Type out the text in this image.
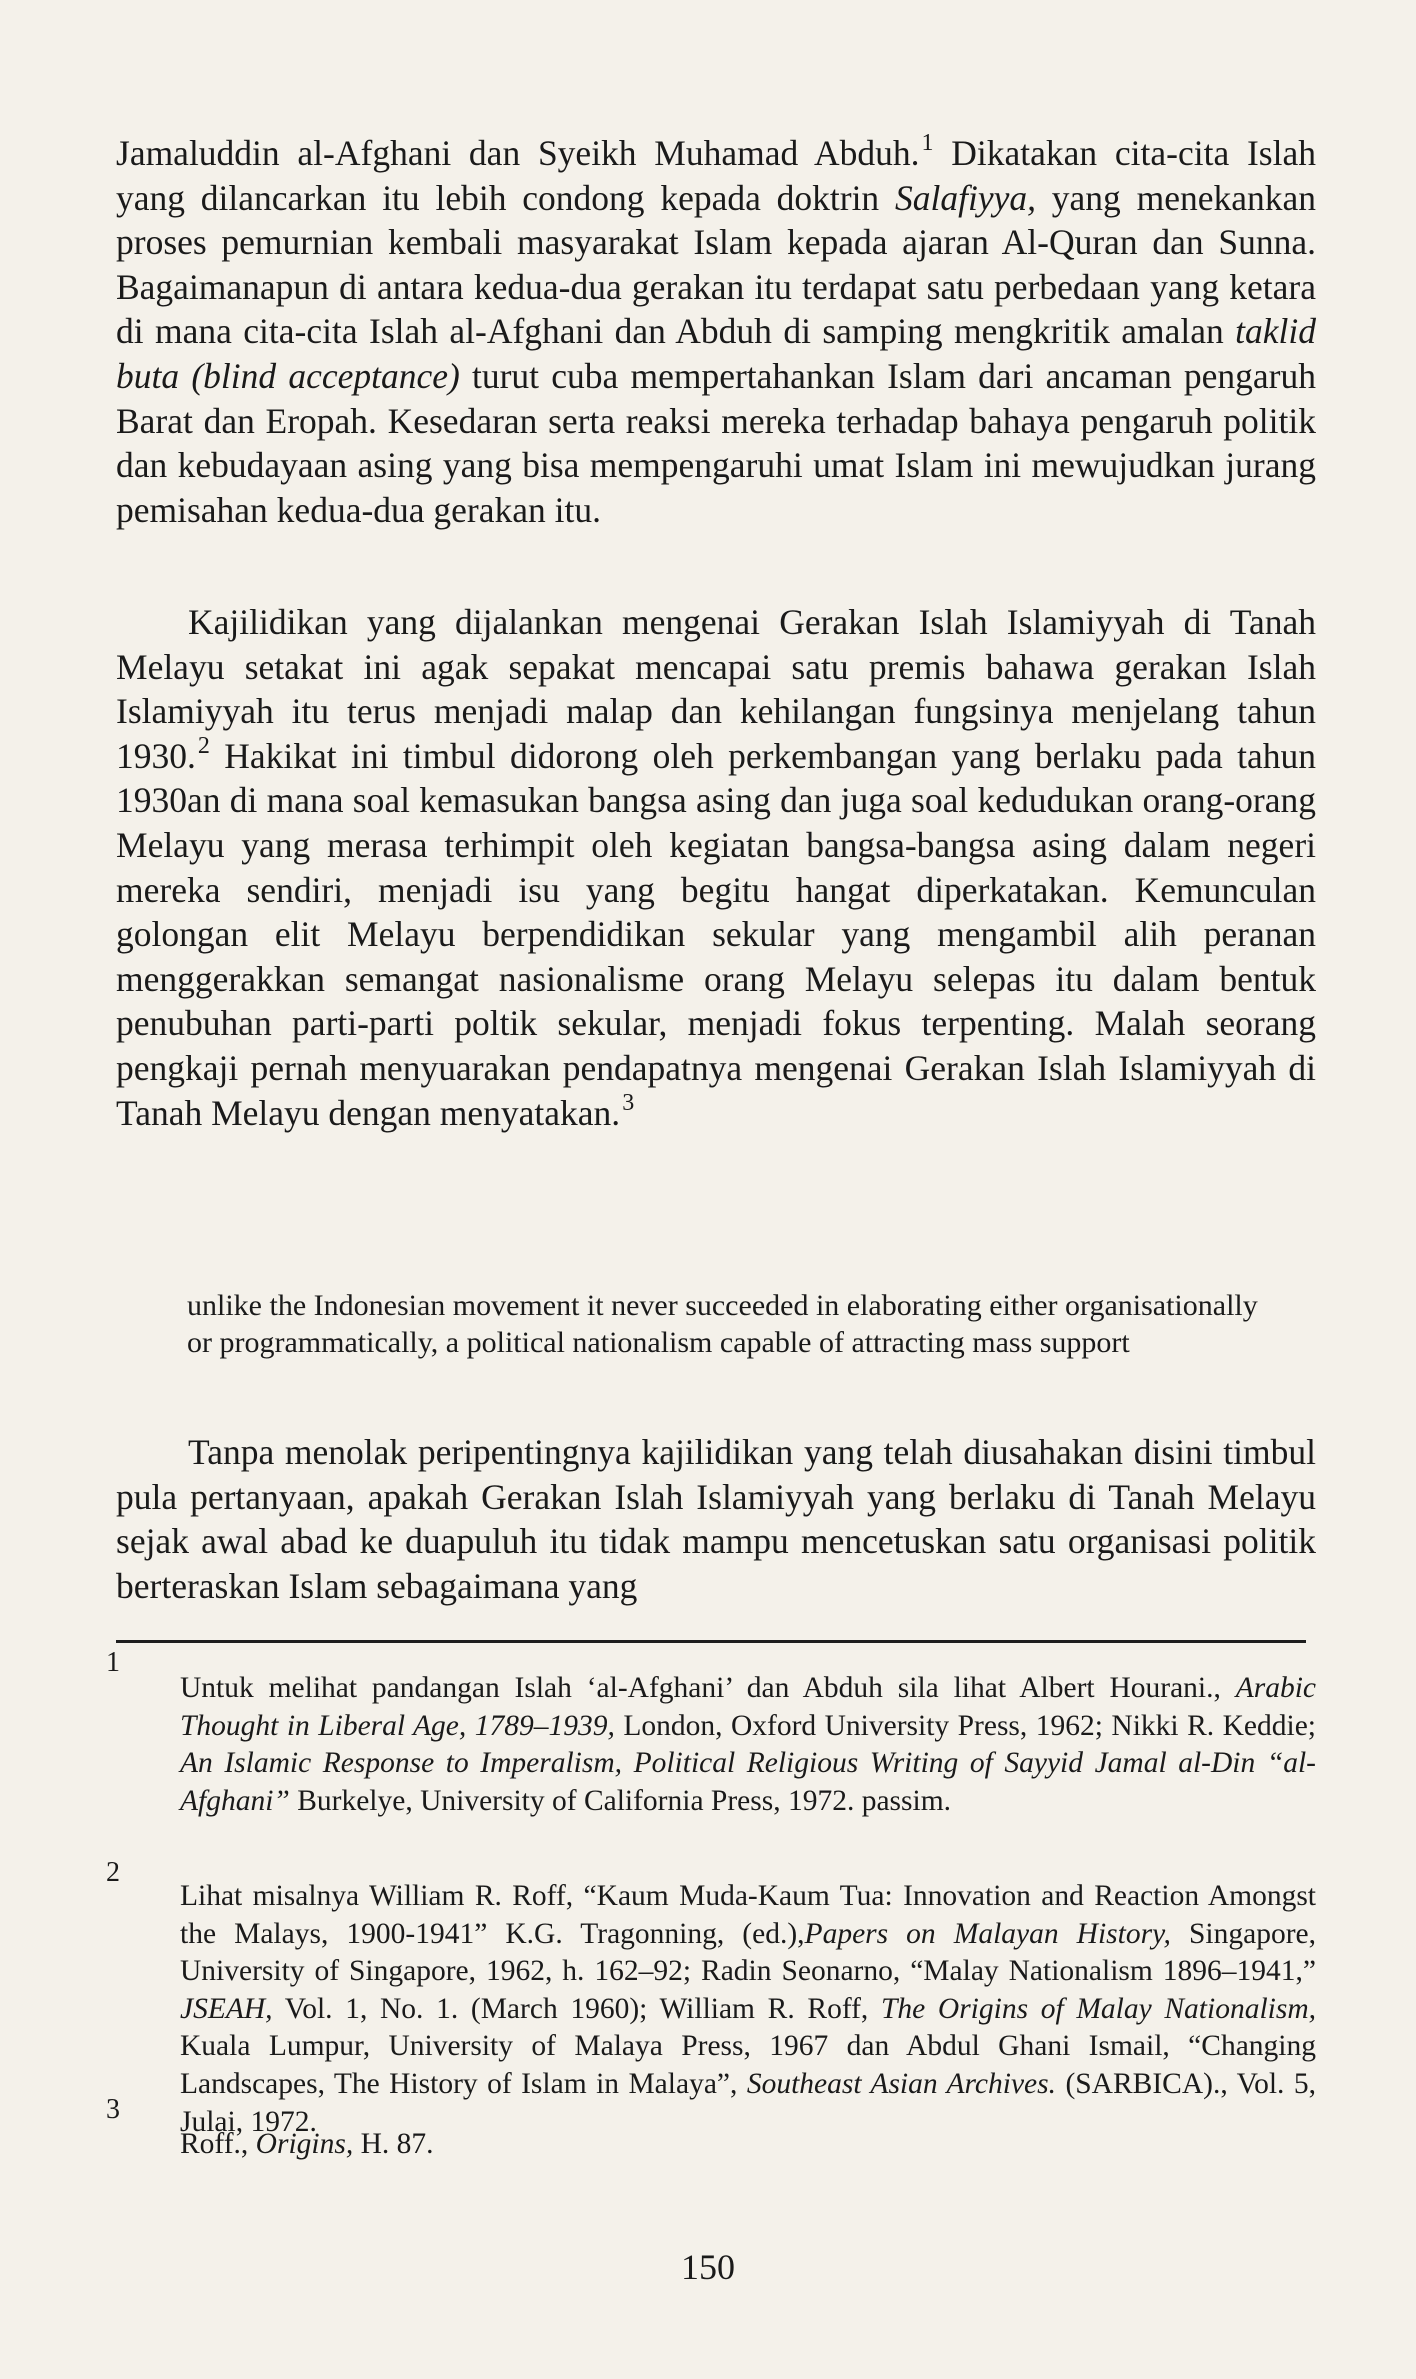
Jamaluddin al-Afghani dan Syeikh Muhamad Abduh.$^1$ Dikatakan cita-cita Islah yang dilancarkan itu lebih condong kepada doktrin Salafiyya, yang menekankan proses pemurnian kembali masyarakat Islam kepada ajaran Al-Quran dan Sunna. Bagaimanapun di antara kedua-dua gerakan itu terdapat satu perbedaan yang ketara di mana cita-cita Islah al-Afghani dan Abduh di samping mengkritik amalan taklid buta (blind acceptance) turut cuba mempertahankan Islam dari ancaman pengaruh Barat dan Eropah. Kesedaran serta reaksi mereka terhadap bahaya pengaruh politik dan kebudayaan asing yang bisa mempengaruhi umat Islam ini mewujudkan jurang pemisahan kedua-dua gerakan itu.

Kajilidikan yang dijalankan mengenai Gerakan Islah Islamiyyah di Tanah Melayu setakat ini agak sepakat mencapai satu premis bahawa gerakan Islah Islamiyyah itu terus menjadi malap dan kehilangan fungsinya menjelang tahun 1930.$^2$ Hakikat ini timbul didorong oleh perkembangan yang berlaku pada tahun 1930an di mana soal kemasukan bangsa asing dan juga soal kedudukan orang-orang Melayu yang merasa terhimpit oleh kegiatan bangsa-bangsa asing dalam negeri mereka sendiri, menjadi isu yang begitu hangat diperkatakan. Kemunculan golongan elit Melayu berpendidikan sekular yang mengambil alih peranan menggerakkan semangat nasionalisme orang Melayu selepas itu dalam bentuk penubuhan parti-parti poltik sekular, menjadi fokus terpenting. Malah seorang pengkaji pernah menyuarakan pendapatnya mengenai Gerakan Islah Islamiyyah di Tanah Melayu dengan menyatakan.$^3$

unlike the Indonesian movement it never succeeded in elaborating either organisationally or programmatically, a political nationalism capable of attracting mass support

Tanpa menolak peripentingnya kajilidikan yang telah diusahakan disini timbul pula pertanyaan, apakah Gerakan Islah Islamiyyah yang berlaku di Tanah Melayu sejak awal abad ke duapuluh itu tidak mampu mencetuskan satu organisasi politik berteraskan Islam sebagaimana yang

1
Untuk melihat pandangan Islah ‘al-Afghani’ dan Abduh sila lihat Albert Hourani., Arabic Thought in Liberal Age, 1789–1939, London, Oxford University Press, 1962; Nikki R. Keddie; An Islamic Response to Imperalism, Political Religious Writing of Sayyid Jamal al-Din “al-Afghani” Burkelye, University of California Press, 1972. passim.
2
Lihat misalnya William R. Roff, “Kaum Muda-Kaum Tua: Innovation and Reaction Amongst the Malays, 1900-1941” K.G. Tragonning, (ed.),Papers on Malayan History, Singapore, University of Singapore, 1962, h. 162–92; Radin Seonarno, “Malay Nationalism 1896–1941,” JSEAH, Vol. 1, No. 1. (March 1960); William R. Roff, The Origins of Malay Nationalism, Kuala Lumpur, University of Malaya Press, 1967 dan Abdul Ghani Ismail, “Changing Landscapes, The History of Islam in Malaya”, Southeast Asian Archives. (SARBICA)., Vol. 5, Julai, 1972.
3
Roff., Origins, H. 87.
150
